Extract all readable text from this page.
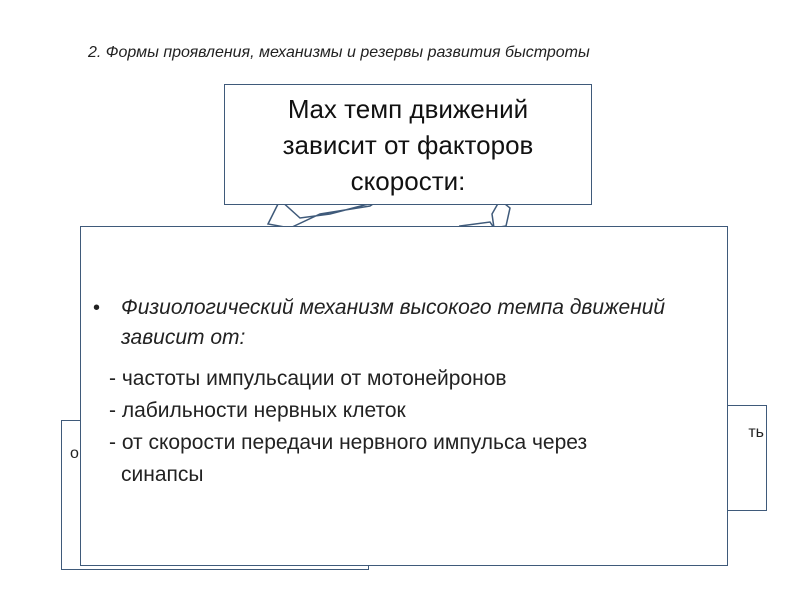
2. Формы проявления, механизмы и резервы развития быстроты
Max темп движений
зависит от факторов
скорости:
о
ть
• Физиологический механизм высокого темпа движений зависит от:
- частоты импульсации от мотонейронов
- лабильности нервных клеток
- от скорости передачи нервного импульса через
синапсы
